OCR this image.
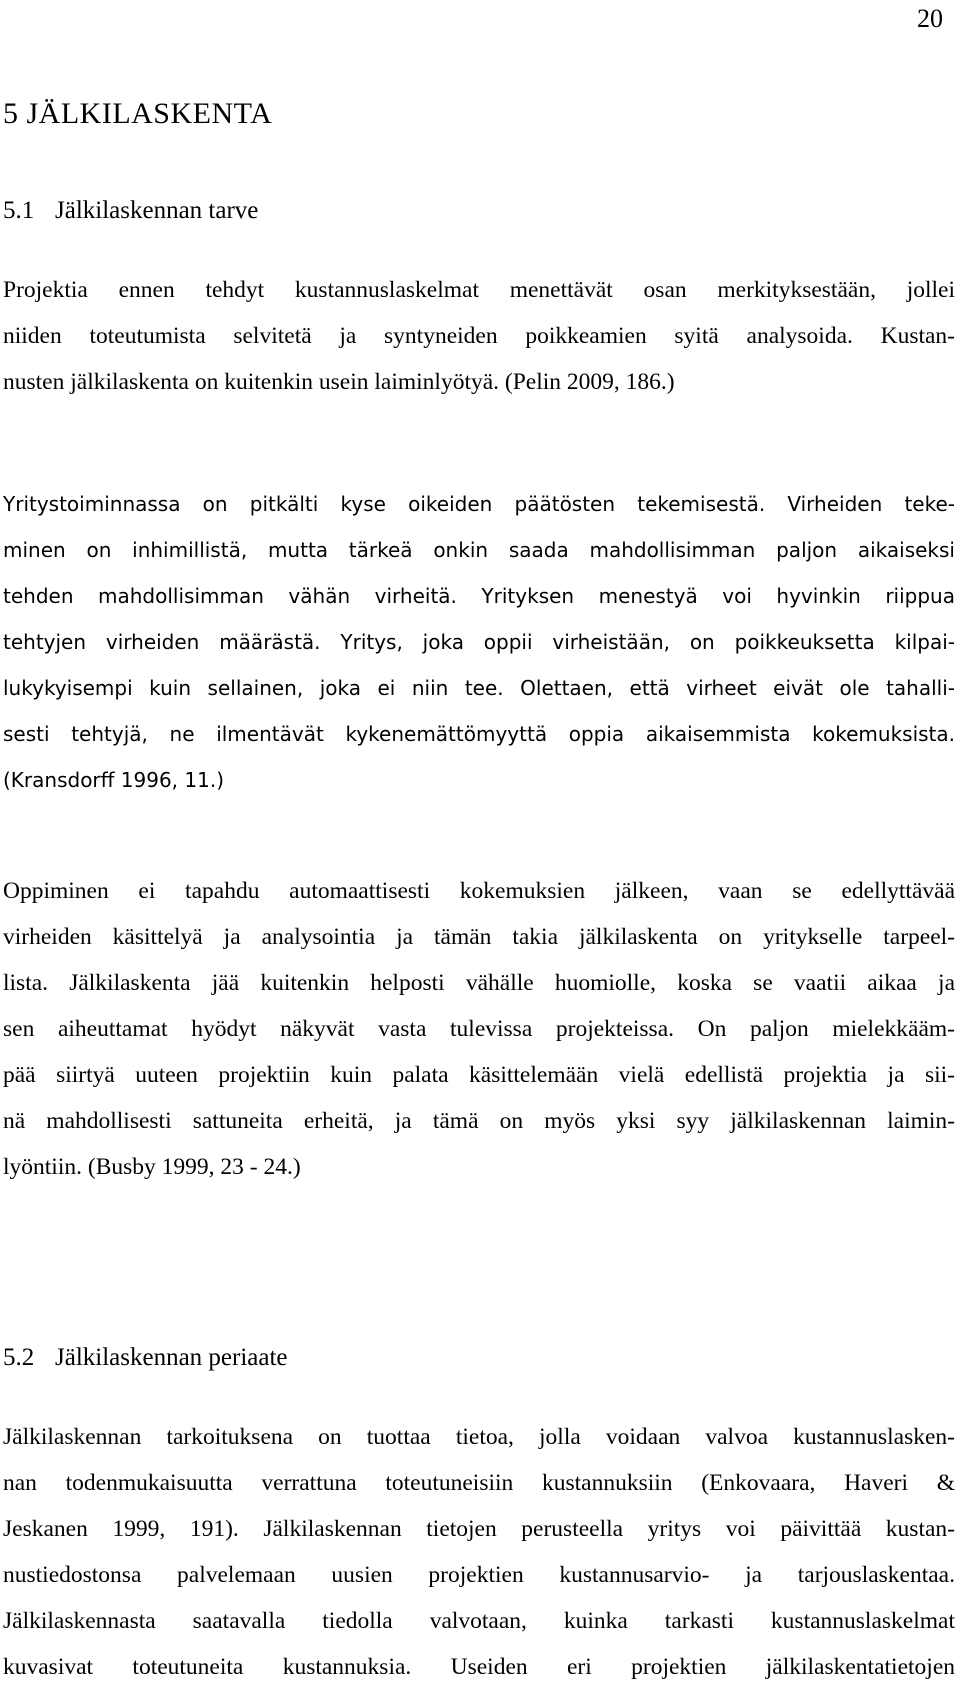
20
5 JÄLKILASKENTA
5.1 Jälkilaskennan tarve
Projektia ennen tehdyt kustannuslaskelmat menettävät osan merkityksestään, jollei
niiden toteutumista selvitetä ja syntyneiden poikkeamien syitä analysoida. Kustan-
nusten jälkilaskenta on kuitenkin usein laiminlyötyä. (Pelin 2009, 186.)
Yritystoiminnassa on pitkälti kyse oikeiden päätösten tekemisestä. Virheiden teke-
minen on inhimillistä, mutta tärkeä onkin saada mahdollisimman paljon aikaiseksi
tehden mahdollisimman vähän virheitä. Yrityksen menestyä voi hyvinkin riippua
tehtyjen virheiden määrästä. Yritys, joka oppii virheistään, on poikkeuksetta kilpai-
lukykyisempi kuin sellainen, joka ei niin tee. Olettaen, että virheet eivät ole tahalli-
sesti tehtyjä, ne ilmentävät kykenemättömyyttä oppia aikaisemmista kokemuksista.
(Kransdorff 1996, 11.)
Oppiminen ei tapahdu automaattisesti kokemuksien jälkeen, vaan se edellyttävää
virheiden käsittelyä ja analysointia ja tämän takia jälkilaskenta on yritykselle tarpeel-
lista. Jälkilaskenta jää kuitenkin helposti vähälle huomiolle, koska se vaatii aikaa ja
sen aiheuttamat hyödyt näkyvät vasta tulevissa projekteissa. On paljon mielekkääm-
pää siirtyä uuteen projektiin kuin palata käsittelemään vielä edellistä projektia ja sii-
nä mahdollisesti sattuneita erheitä, ja tämä on myös yksi syy jälkilaskennan laimin-
lyöntiin. (Busby 1999, 23 - 24.)
5.2 Jälkilaskennan periaate
Jälkilaskennan tarkoituksena on tuottaa tietoa, jolla voidaan valvoa kustannuslasken-
nan todenmukaisuutta verrattuna toteutuneisiin kustannuksiin (Enkovaara, Haveri &
Jeskanen 1999, 191). Jälkilaskennan tietojen perusteella yritys voi päivittää kustan-
nustiedostonsa palvelemaan uusien projektien kustannusarvio- ja tarjouslaskentaa.
Jälkilaskennasta saatavalla tiedolla valvotaan, kuinka tarkasti kustannuslaskelmat
kuvasivat toteutuneita kustannuksia. Useiden eri projektien jälkilaskentatietojen
